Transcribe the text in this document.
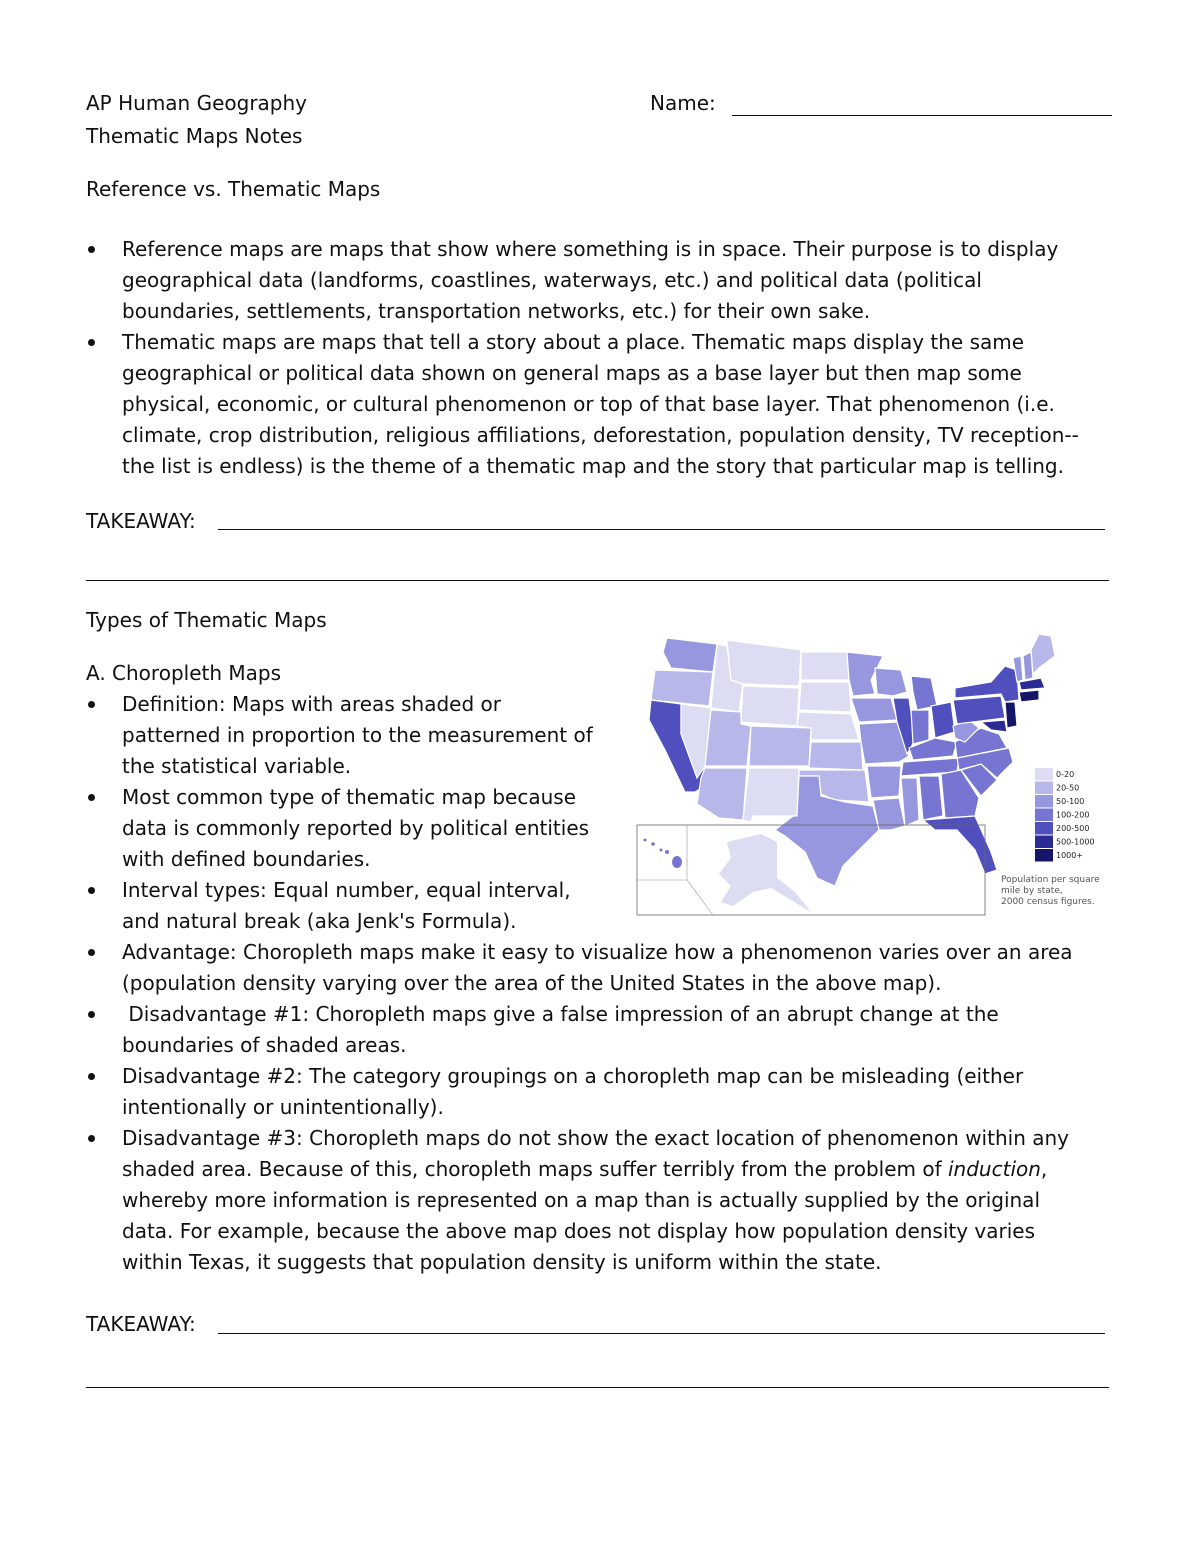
AP Human Geography
Thematic Maps Notes
Name:
Reference vs. Thematic Maps
Reference maps are maps that show where something is in space. Their purpose is to display
geographical data (landforms, coastlines, waterways, etc.) and political data (political
boundaries, settlements, transportation networks, etc.) for their own sake.
Thematic maps are maps that tell a story about a place. Thematic maps display the same
geographical or political data shown on general maps as a base layer but then map some
physical, economic, or cultural phenomenon or top of that base layer. That phenomenon (i.e.
climate, crop distribution, religious affiliations, deforestation, population density, TV reception--
the list is endless) is the theme of a thematic map and the story that particular map is telling.
TAKEAWAY:
Types of Thematic Maps
A. Choropleth Maps
Definition: Maps with areas shaded or
patterned in proportion to the measurement of
the statistical variable.
Most common type of thematic map because
data is commonly reported by political entities
with defined boundaries.
Interval types: Equal number, equal interval,
and natural break (aka Jenk's Formula).
Advantage: Choropleth maps make it easy to visualize how a phenomenon varies over an area
(population density varying over the area of the United States in the above map).
Disadvantage #1: Choropleth maps give a false impression of an abrupt change at the
boundaries of shaded areas.
Disadvantage #2: The category groupings on a choropleth map can be misleading (either
intentionally or unintentionally).
Disadvantage #3: Choropleth maps do not show the exact location of phenomenon within any
shaded area. Because of this, choropleth maps suffer terribly from the problem of induction,
whereby more information is represented on a map than is actually supplied by the original
data. For example, because the above map does not display how population density varies
within Texas, it suggests that population density is uniform within the state.
TAKEAWAY:
0-20
20-50
50-100
100-200
200-500
500-1000
1000+
Population per square
mile by state,
2000 census figures.
